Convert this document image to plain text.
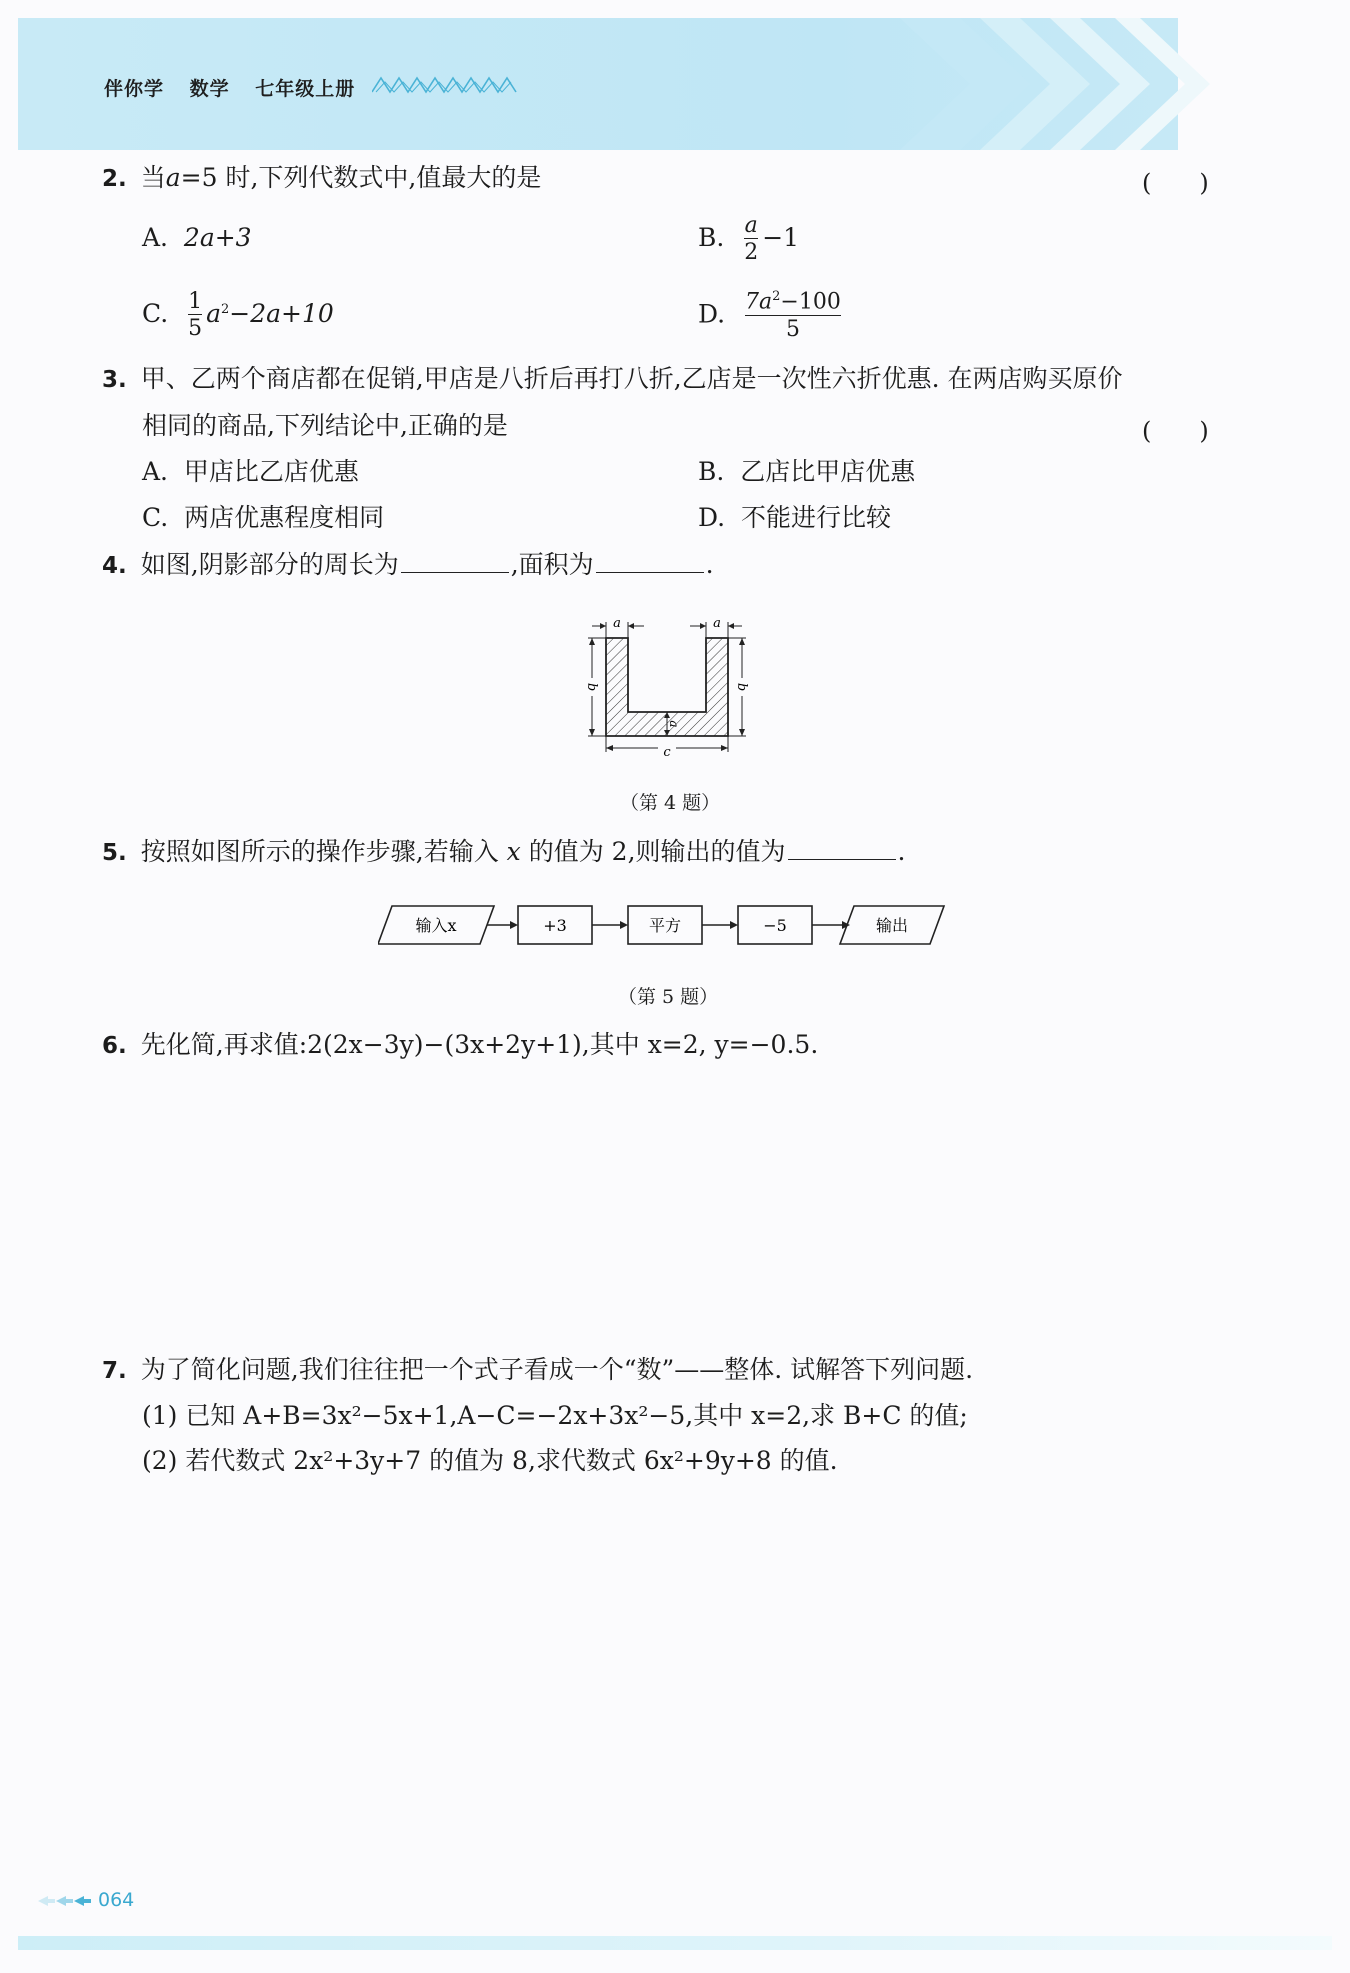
伴你学 数学 七年级上册
2. 当a=5 时,下列代数式中,值最大的是	(　　)
A. 2a+3	B. $\frac{a}{2} -1$
C. $\frac{1}{5} a^2-2a+10$	D. $\frac{7a^2-100}{5}$
3. 甲、乙两个商店都在促销,甲店是八折后再打八折,乙店是一次性六折优惠. 在两店购买原价
相同的商品,下列结论中,正确的是	(　　)
A. 甲店比乙店优惠	B. 乙店比甲店优惠
C. 两店优惠程度相同	D. 不能进行比较
4. 如图,阴影部分的周长为	,面积为	.
a	a
b	b
a
c
（第 4 题）
5. 按照如图所示的操作步骤,若输入 x 的值为 2,则输出的值为	.
输入x	+3	平方	−5	输出
（第 5 题）
6. 先化简,再求值:2(2x−3y)−(3x+2y+1),其中 x=2, y=−0.5.
7. 为了简化问题,我们往往把一个式子看成一个“数”——整体. 试解答下列问题.
(1) 已知 A+B=3x²−5x+1,A−C=−2x+3x²−5,其中 x=2,求 B+C 的值;
(2) 若代数式 2x²+3y+7 的值为 8,求代数式 6x²+9y+8 的值.
064
